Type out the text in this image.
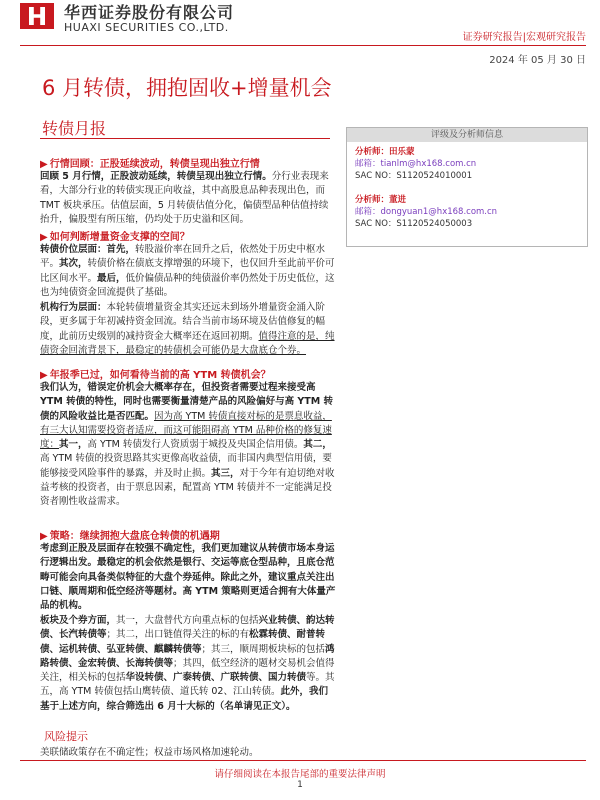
华西证券股份有限公司
HUAXI SECURITIES CO.,LTD.
证券研究报告|宏观研究报告
2024 年 05 月 30 日
6 月转债，拥抱固收+增量机会
转债月报	评级及分析师信息
分析师：田乐蒙
邮箱：tianlm@hx168.com.cn
SAC NO：S1120524010001
分析师：董进
邮箱：dongyuan1@hx168.com.cn
SAC NO：S1120524050003
▶ 行情回顾：正股延续波动，转债呈现出独立行情
回顾 5 月行情，正股波动延续，转债呈现出独立行情。分行业表现来看，大部分行业的转债实现正向收益，其中高股息品种表现出色，而 TMT 板块承压。估值层面，5 月转债估值分化，偏债型品种估值持续抬升，偏股型有所压缩，仍均处于历史溢和区间。
▶ 如何判断增量资金支撑的空间？
转债价位层面：首先，转股溢价率在回升之后，依然处于历史中枢水平。其次，转债价格在债底支撑增强的环境下，也仅回升至此前平价可比区间水平。最后，低价偏债品种的纯债溢价率仍然处于历史低位，这也为纯债资金回流提供了基础。
机构行为层面：本轮转债增量资金其实还远未到场外增量资金涌入阶段，更多属于年初减持资金回流。结合当前市场环境及估值修复的幅度，此前历史级别的减持资金大概率还在返回初期。值得注意的是，纯债资金回流背景下，最稳定的转债机会可能仍是大盘底仓个券。
▶ 年报季已过，如何看待当前的高 YTM 转债机会？
我们认为，错误定价机会大概率存在，但投资者需要过程来接受高 YTM 转债的特性，同时也需要衡量清楚产品的风险偏好与高 YTM 转债的风险收益比是否匹配。因为高 YTM 转债直接对标的是票息收益，有三大认知需要投资者适应，而这可能阻碍高 YTM 品种价格的修复速度：其一，高 YTM 转债发行人资质弱于城投及央国企信用债。其二，高 YTM 转债的投资思路其实更像高收益债，而非国内典型信用债，要能够接受风险事件的暴露，并及时止损。其三，对于今年有迫切绝对收益考核的投资者，由于票息因素，配置高 YTM 转债并不一定能满足投资者刚性收益需求。
▶ 策略：继续拥抱大盘底仓转债的机遇期
考虑到正股及层面存在较强不确定性，我们更加建议从转债市场本身运行逻辑出发。最稳定的机会依然是银行、交运等底仓型品种，且底仓范畴可能会向具备类似特征的大盘个券延伸。除此之外，建议重点关注出口链、顺周期和低空经济等题材。高 YTM 策略则更适合拥有大体量产品的机构。
板块及个券方面，其一，大盘替代方向重点标的包括兴业转债、韵达转债、长汽转债等；其二，出口链值得关注的标的有松霖转债、耐普转债、运机转债、弘亚转债、麒麟转债等；其三，顺周期板块标的包括鸿路转债、金宏转债、长海转债等；其四，低空经济的题材交易机会值得关注，相关标的包括华设转债、广泰转债、广联转债、国力转债等。其五，高 YTM 转债包括山鹰转债、道氏转 02、江山转债。此外，我们基于上述方向，综合筛选出 6 月十大标的（名单请见正文）。
风险提示
美联储政策存在不确定性；权益市场风格加速轮动。
请仔细阅读在本报告尾部的重要法律声明
1
